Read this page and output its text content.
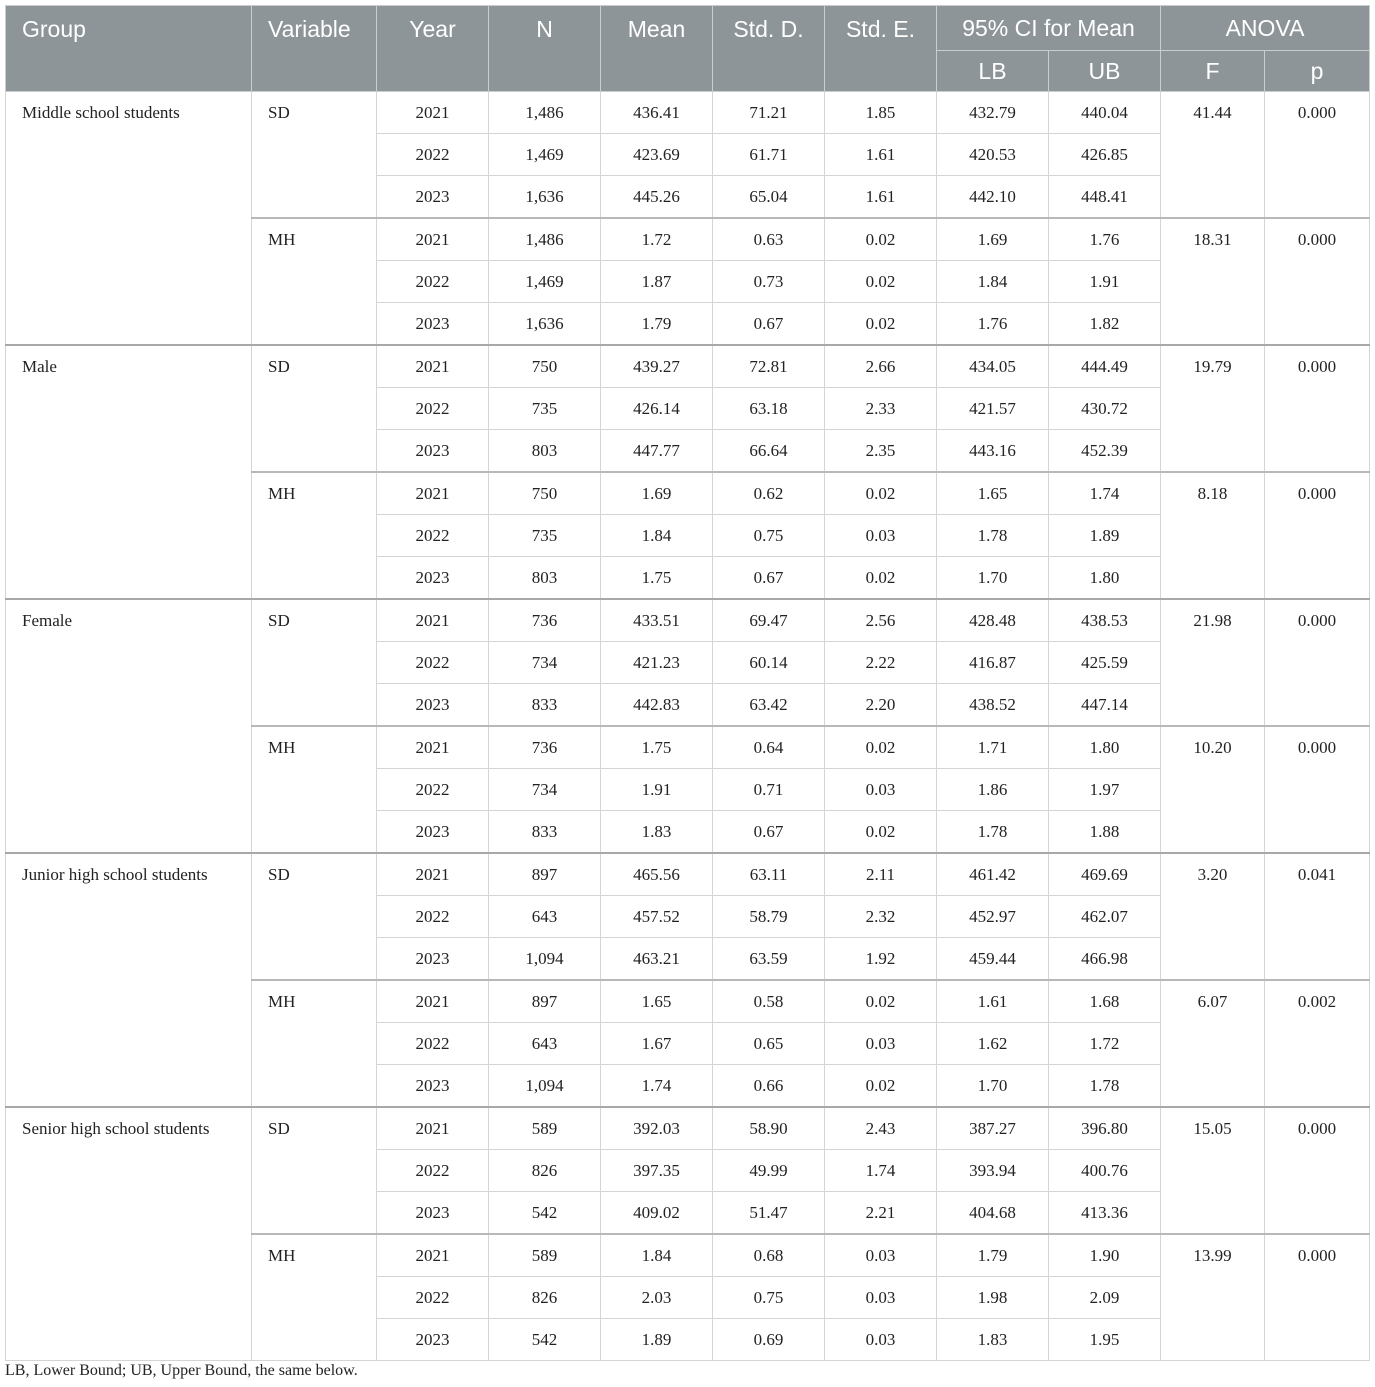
Group	Variable	Year	N	Mean	Std. D.	Std. E.	95% CI for Mean		ANOVA	
							LB	UB	F	p
Middle school students	SD	2021	1,486	436.41	71.21	1.85	432.79	440.04	41.44	0.000
		2022	1,469	423.69	61.71	1.61	420.53	426.85		
		2023	1,636	445.26	65.04	1.61	442.10	448.41		
	MH	2021	1,486	1.72	0.63	0.02	1.69	1.76	18.31	0.000
		2022	1,469	1.87	0.73	0.02	1.84	1.91		
		2023	1,636	1.79	0.67	0.02	1.76	1.82		
Male	SD	2021	750	439.27	72.81	2.66	434.05	444.49	19.79	0.000
		2022	735	426.14	63.18	2.33	421.57	430.72		
		2023	803	447.77	66.64	2.35	443.16	452.39		
	MH	2021	750	1.69	0.62	0.02	1.65	1.74	8.18	0.000
		2022	735	1.84	0.75	0.03	1.78	1.89		
		2023	803	1.75	0.67	0.02	1.70	1.80		
Female	SD	2021	736	433.51	69.47	2.56	428.48	438.53	21.98	0.000
		2022	734	421.23	60.14	2.22	416.87	425.59		
		2023	833	442.83	63.42	2.20	438.52	447.14		
	MH	2021	736	1.75	0.64	0.02	1.71	1.80	10.20	0.000
		2022	734	1.91	0.71	0.03	1.86	1.97		
		2023	833	1.83	0.67	0.02	1.78	1.88		
Junior high school students	SD	2021	897	465.56	63.11	2.11	461.42	469.69	3.20	0.041
		2022	643	457.52	58.79	2.32	452.97	462.07		
		2023	1,094	463.21	63.59	1.92	459.44	466.98		
	MH	2021	897	1.65	0.58	0.02	1.61	1.68	6.07	0.002
		2022	643	1.67	0.65	0.03	1.62	1.72		
		2023	1,094	1.74	0.66	0.02	1.70	1.78		
Senior high school students	SD	2021	589	392.03	58.90	2.43	387.27	396.80	15.05	0.000
		2022	826	397.35	49.99	1.74	393.94	400.76		
		2023	542	409.02	51.47	2.21	404.68	413.36		
	MH	2021	589	1.84	0.68	0.03	1.79	1.90	13.99	0.000
		2022	826	2.03	0.75	0.03	1.98	2.09		
		2023	542	1.89	0.69	0.03	1.83	1.95		
LB, Lower Bound; UB, Upper Bound, the same below.
